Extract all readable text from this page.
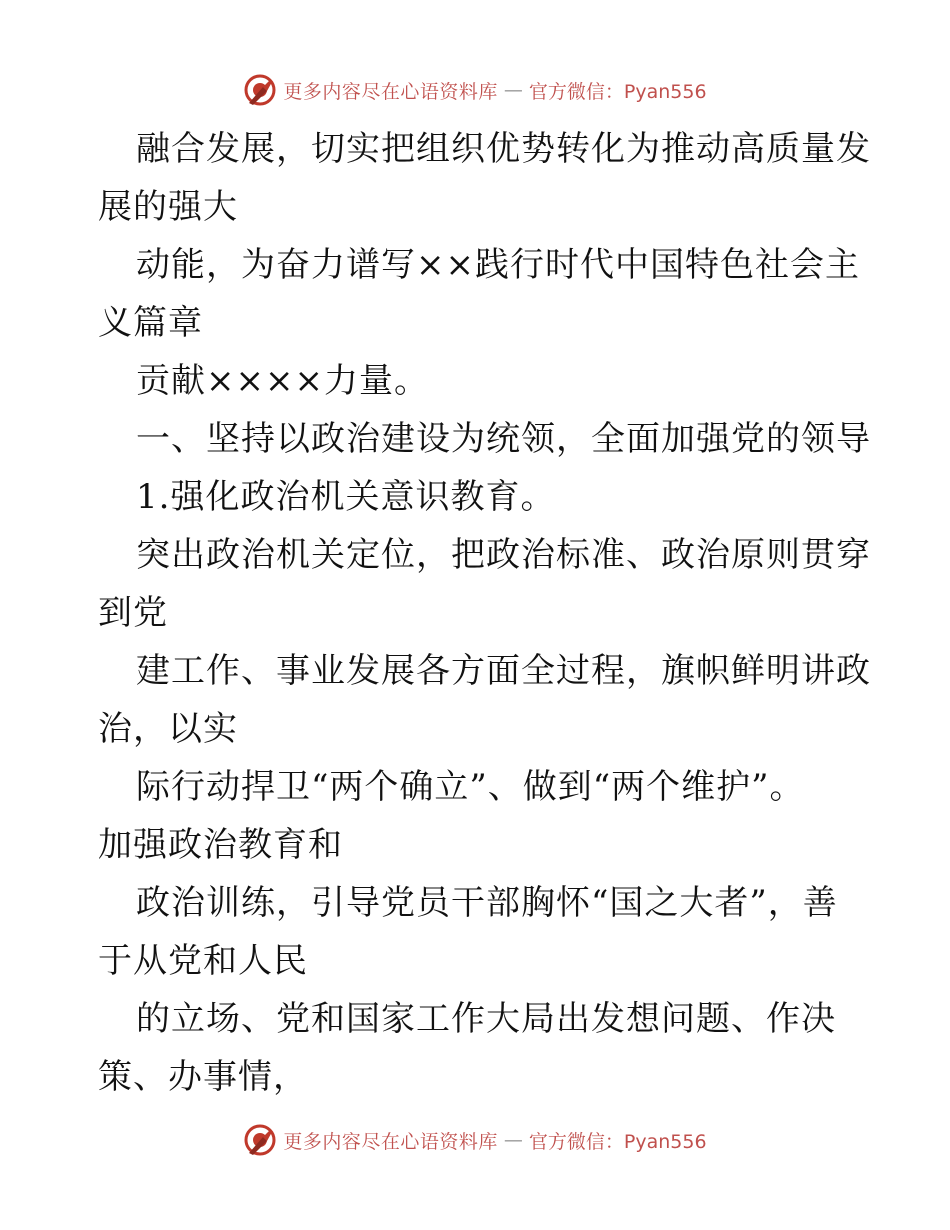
更多内容尽在心语资料库 — 官方微信：Pyan556
融合发展，切实把组织优势转化为推动高质量发
展的强大
动能，为奋力谱写××践行时代中国特色社会主
义篇章
贡献××××力量。
一、坚持以政治建设为统领，全面加强党的领导
1.强化政治机关意识教育。
突出政治机关定位，把政治标准、政治原则贯穿
到党
建工作、事业发展各方面全过程，旗帜鲜明讲政
治，以实
际行动捍卫“两个确立”、做到“两个维护”。
加强政治教育和
政治训练，引导党员干部胸怀“国之大者”，善
于从党和人民
的立场、党和国家工作大局出发想问题、作决
策、办事情，
更多内容尽在心语资料库 — 官方微信：Pyan556
